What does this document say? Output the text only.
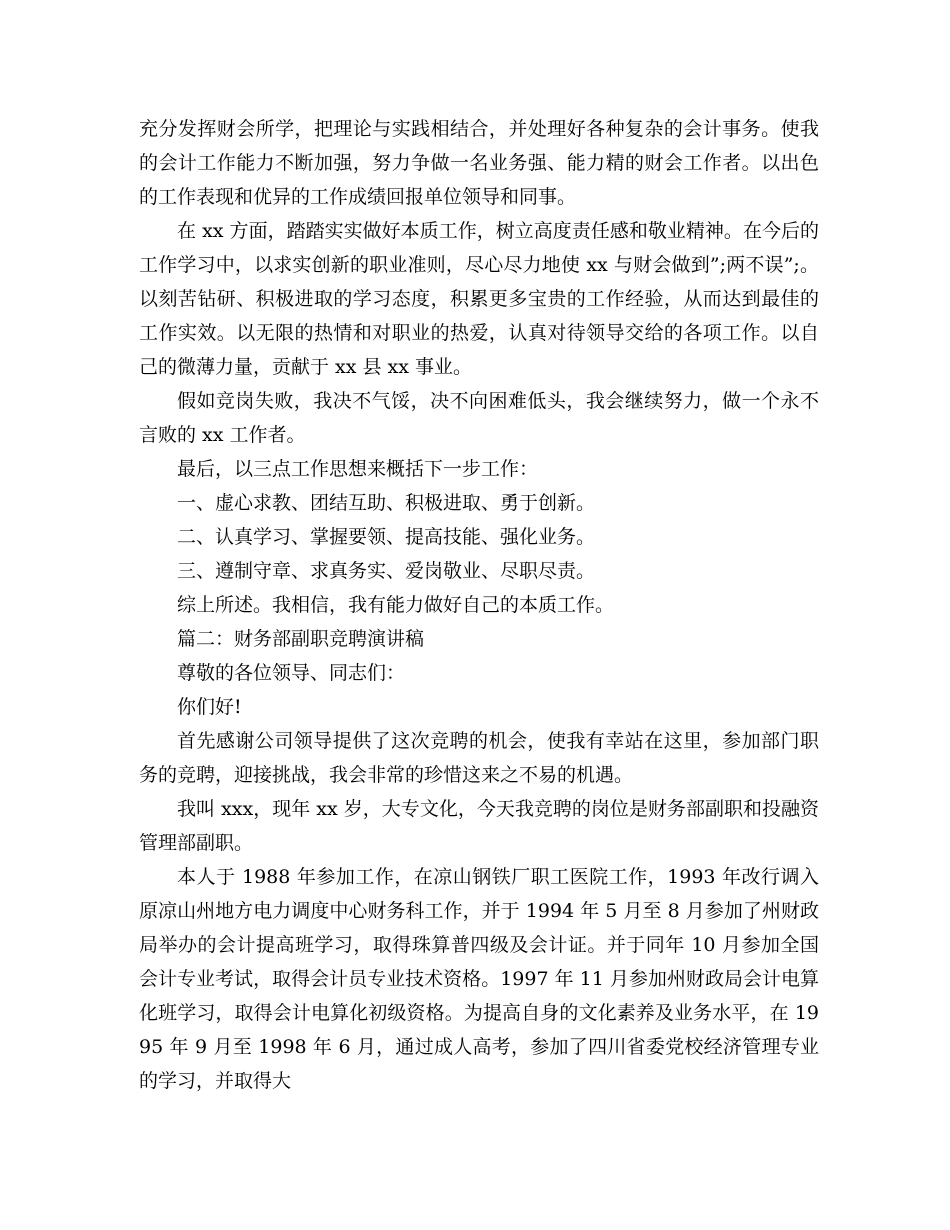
充分发挥财会所学，把理论与实践相结合，并处理好各种复杂的会计事务。使我的会计工作能力不断加强，努力争做一名业务强、能力精的财会工作者。以出色的工作表现和优异的工作成绩回报单位领导和同事。

在 xx 方面，踏踏实实做好本质工作，树立高度责任感和敬业精神。在今后的工作学习中，以求实创新的职业准则，尽心尽力地使 xx 与财会做到”;两不误”;。以刻苦钻研、积极进取的学习态度，积累更多宝贵的工作经验，从而达到最佳的工作实效。以无限的热情和对职业的热爱，认真对待领导交给的各项工作。以自己的微薄力量，贡献于 xx 县 xx 事业。

假如竞岗失败，我决不气馁，决不向困难低头，我会继续努力，做一个永不言败的 xx 工作者。

最后，以三点工作思想来概括下一步工作：

一、虚心求教、团结互助、积极进取、勇于创新。

二、认真学习、掌握要领、提高技能、强化业务。

三、遵制守章、求真务实、爱岗敬业、尽职尽责。

综上所述。我相信，我有能力做好自己的本质工作。

篇二：财务部副职竞聘演讲稿

尊敬的各位领导、同志们：

你们好!

首先感谢公司领导提供了这次竞聘的机会，使我有幸站在这里，参加部门职务的竞聘，迎接挑战，我会非常的珍惜这来之不易的机遇。

我叫 xxx，现年 xx 岁，大专文化，今天我竞聘的岗位是财务部副职和投融资管理部副职。

本人于 1988 年参加工作，在凉山钢铁厂职工医院工作，1993 年改行调入原凉山州地方电力调度中心财务科工作，并于 1994 年 5 月至 8 月参加了州财政局举办的会计提高班学习，取得珠算普四级及会计证。并于同年 10 月参加全国会计专业考试，取得会计员专业技术资格。1997 年 11 月参加州财政局会计电算化班学习，取得会计电算化初级资格。为提高自身的文化素养及业务水平，在 1995 年 9 月至 1998 年 6 月，通过成人高考，参加了四川省委党校经济管理专业的学习，并取得大
